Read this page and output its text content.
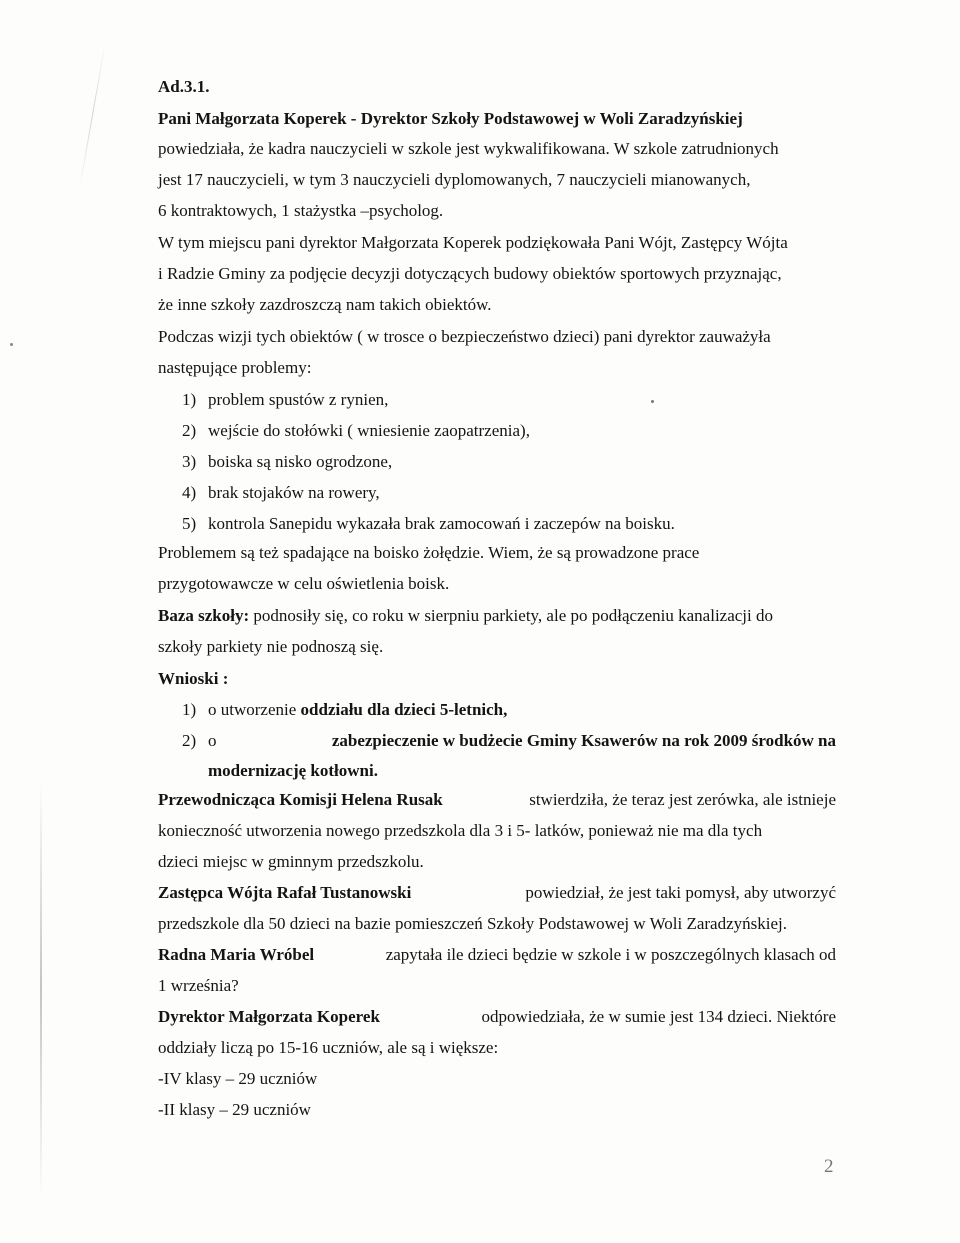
Ad.3.1.
Pani Małgorzata Koperek - Dyrektor Szkoły Podstawowej w Woli Zaradzyńskiej
powiedziała, że kadra nauczycieli w szkole jest wykwalifikowana. W szkole zatrudnionych
jest 17 nauczycieli, w tym 3 nauczycieli dyplomowanych, 7 nauczycieli mianowanych,
6 kontraktowych, 1 stażystka –psycholog.
W tym miejscu pani dyrektor Małgorzata Koperek podziękowała Pani Wójt, Zastępcy Wójta
i Radzie Gminy za podjęcie decyzji dotyczących budowy obiektów sportowych przyznając,
że inne szkoły zazdroszczą nam takich obiektów.
Podczas wizji tych obiektów ( w trosce o bezpieczeństwo dzieci) pani dyrektor zauważyła
następujące problemy:
1) problem spustów z rynien,
2) wejście do stołówki ( wniesienie zaopatrzenia),
3) boiska są nisko ogrodzone,
4) brak stojaków na rowery,
5) kontrola Sanepidu wykazała brak zamocowań i zaczepów na boisku.
Problemem są też spadające na boisko żołędzie. Wiem, że są prowadzone prace
przygotowawcze w celu oświetlenia boisk.
Baza szkoły: podnosiły się, co roku w sierpniu parkiety, ale po podłączeniu kanalizacji do
szkoły parkiety nie podnoszą się.
Wnioski :
1) o utworzenie oddziału dla dzieci 5-letnich,
2) o	zabezpieczenie w budżecie Gminy Ksawerów na rok 2009 środków na
modernizację kotłowni.
Przewodnicząca Komisji Helena Rusak	stwierdziła, że teraz jest zerówka, ale istnieje
konieczność utworzenia nowego przedszkola dla 3 i 5- latków, ponieważ nie ma dla tych
dzieci miejsc w gminnym przedszkolu.
Zastępca Wójta Rafał Tustanowski	powiedział, że jest taki pomysł, aby utworzyć
przedszkole dla 50 dzieci na bazie pomieszczeń Szkoły Podstawowej w Woli Zaradzyńskiej.
Radna Maria Wróbel	zapytała ile dzieci będzie w szkole i w poszczególnych klasach od
1 września?
Dyrektor Małgorzata Koperek	odpowiedziała, że w sumie jest 134 dzieci. Niektóre
oddziały liczą po 15-16 uczniów, ale są i większe:
-IV klasy – 29 uczniów
-II klasy – 29 uczniów
2
